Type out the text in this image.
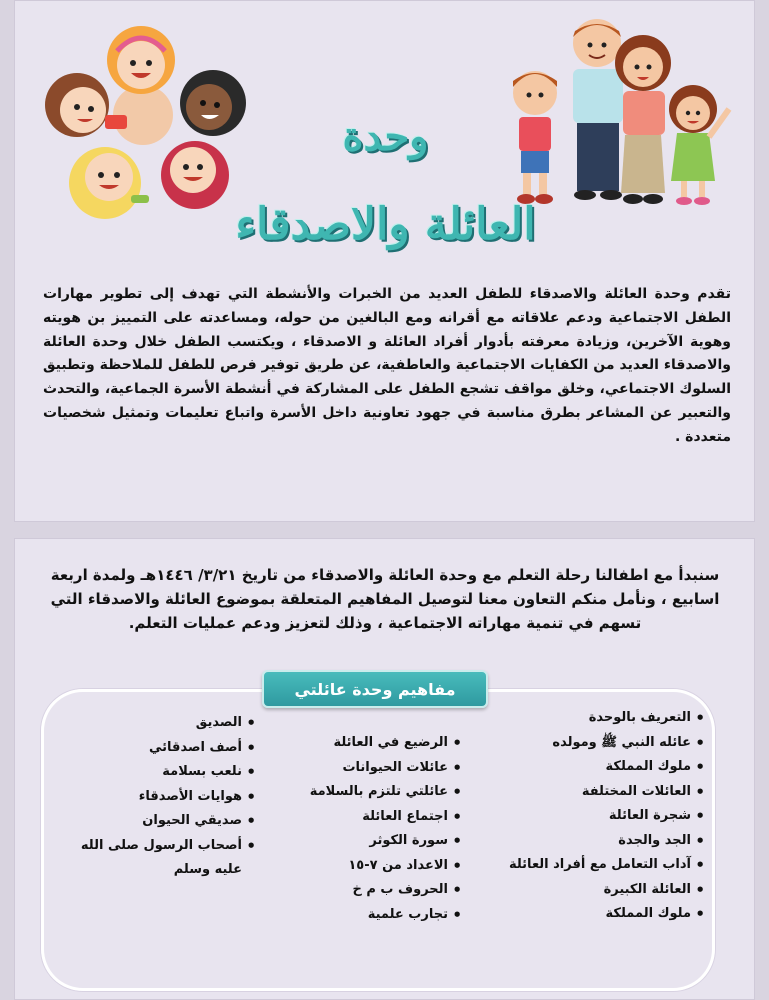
وحدة
العائلة والاصدقاء

تقدم وحدة العائلة والاصدقاء للطفل العديد من الخبرات والأنشطة التي تهدف إلى تطوير مهارات الطفل الاجتماعية ودعم علاقاته مع أقرانه ومع البالغين من حوله، ومساعدته على التمييز بن هويته وهوية الآخرين، وزيادة معرفته بأدوار أفراد العائلة و الاصدقاء ، ويكتسب الطفل خلال وحدة العائلة والاصدقاء العديد من الكفايات الاجتماعية والعاطفية، عن طريق توفير فرص للطفل للملاحظة وتطبيق السلوك الاجتماعي، وخلق مواقف تشجع الطفل على المشاركة في أنشطة الأسرة الجماعية، والتحدث والتعبير عن المشاعر بطرق مناسبة في جهود تعاونية داخل الأسرة واتباع تعليمات وتمثيل شخصيات متعددة .

سنبدأ مع اطفالنا رحلة التعلم مع وحدة العائلة والاصدقاء من تاريخ ٣/٢١/ ١٤٤٦هـ ولمدة اربعة اسابيع ، ونأمل منكم التعاون معنا لتوصيل المفاهيم المتعلقة بموضوع العائلة والاصدقاء التي تسهم في تنمية مهاراته الاجتماعية ، وذلك لتعزيز ودعم عمليات التعلم.

مفاهيم وحدة عائلتي
• التعريف بالوحدة
• عائله النبي ﷺ ومولده
• ملوك المملكة
• العائلات المختلفة
• شجرة العائلة
• الجد والجدة
• آداب التعامل مع أفراد العائلة
• العائلة الكبيرة
• ملوك المملكة
• الرضيع في العائلة
• عائلات الحيوانات
• عائلتي تلتزم بالسلامة
• اجتماع العائلة
• سورة الكوثر
• الاعداد من ٧-١٥
• الحروف ب م خ
• تجارب علمية
• الصديق
• أصف اصدقائي
• نلعب بسلامة
• هوايات الأصدقاء
• صديقي الحيوان
• أصحاب الرسول صلى الله عليه وسلم
